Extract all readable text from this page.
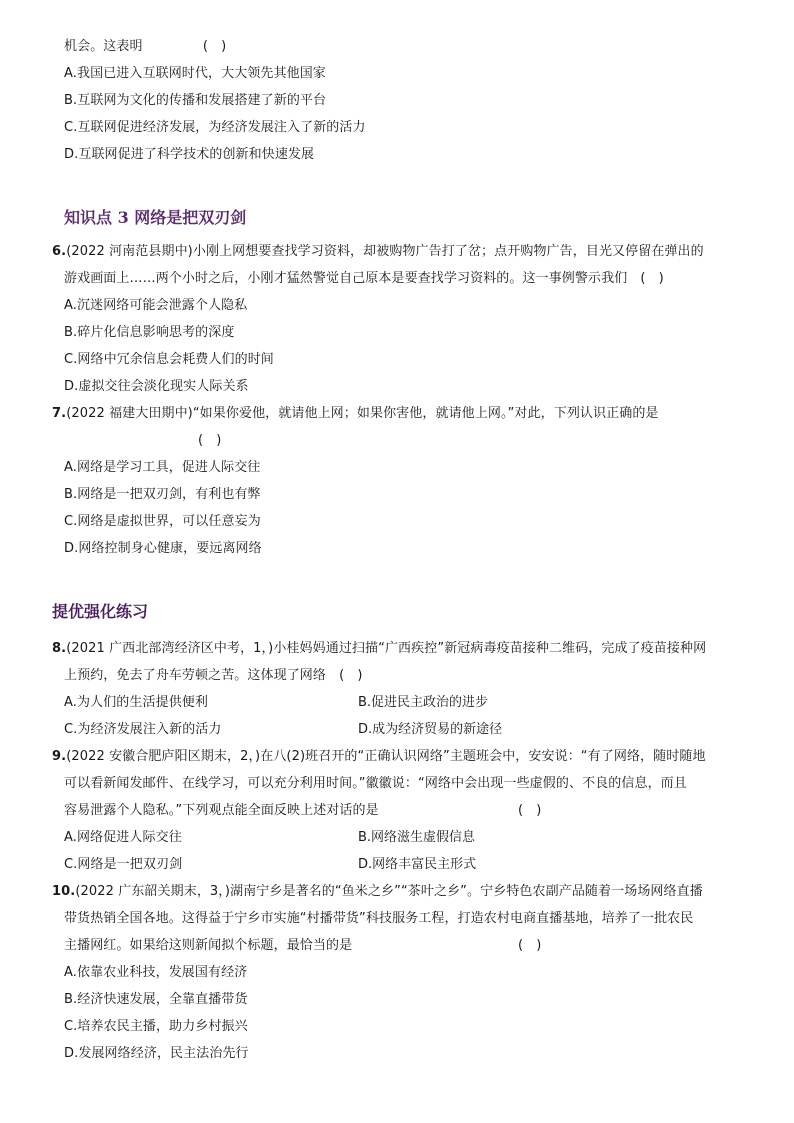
机会。这表明	(　)
A.我国已进入互联网时代，大大领先其他国家
B.互联网为文化的传播和发展搭建了新的平台
C.互联网促进经济发展，为经济发展注入了新的活力
D.互联网促进了科学技术的创新和快速发展
知识点 3 网络是把双刃剑
6.(2022 河南范县期中)小刚上网想要查找学习资料，却被购物广告打了岔；点开购物广告，目光又停留在弹出的
游戏画面上……两个小时之后，小刚才猛然警觉自己原本是要查找学习资料的。这一事例警示我们　(　)
A.沉迷网络可能会泄露个人隐私
B.碎片化信息影响思考的深度
C.网络中冗余信息会耗费人们的时间
D.虚拟交往会淡化现实人际关系
7.(2022 福建大田期中)“如果你爱他，就请他上网；如果你害他，就请他上网。”对此，下列认识正确的是
(　)
A.网络是学习工具，促进人际交往
B.网络是一把双刃剑，有利也有弊
C.网络是虚拟世界，可以任意妄为
D.网络控制身心健康，要远离网络
提优强化练习
8.(2021 广西北部湾经济区中考，1，)小桂妈妈通过扫描“广西疾控”新冠病毒疫苗接种二维码，完成了疫苗接种网
上预约，免去了舟车劳顿之苦。这体现了网络　(　)
A.为人们的生活提供便利	B.促进民主政治的进步
C.为经济发展注入新的活力	D.成为经济贸易的新途径
9.(2022 安徽合肥庐阳区期末，2，)在八(2)班召开的“正确认识网络”主题班会中，安安说：“有了网络，随时随地
可以看新闻发邮件、在线学习，可以充分利用时间。”徽徽说：“网络中会出现一些虚假的、不良的信息，而且
容易泄露个人隐私。”下列观点能全面反映上述对话的是	(　)
A.网络促进人际交往	B.网络滋生虚假信息
C.网络是一把双刃剑	D.网络丰富民主形式
10.(2022 广东韶关期末，3，)湖南宁乡是著名的“鱼米之乡”“茶叶之乡”。宁乡特色农副产品随着一场场网络直播
带货热销全国各地。这得益于宁乡市实施“村播带货”科技服务工程，打造农村电商直播基地，培养了一批农民
主播网红。如果给这则新闻拟个标题，最恰当的是	(　)
A.依靠农业科技，发展国有经济
B.经济快速发展，全靠直播带货
C.培养农民主播，助力乡村振兴
D.发展网络经济，民主法治先行
